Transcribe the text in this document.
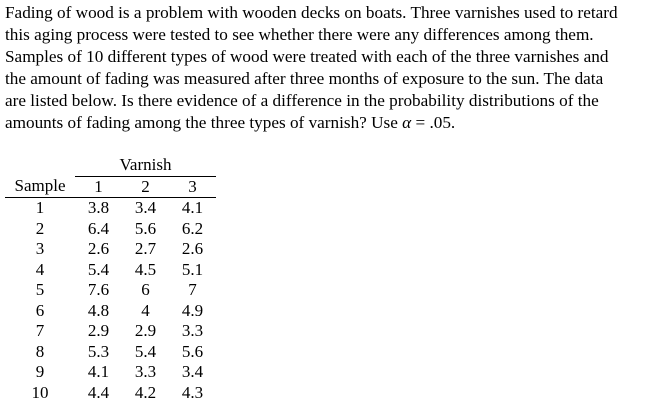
Fading of wood is a problem with wooden decks on boats. Three varnishes used to retard
this aging process were tested to see whether there were any differences among them.
Samples of 10 different types of wood were treated with each of the three varnishes and
the amount of fading was measured after three months of exposure to the sun. The data
are listed below. Is there evidence of a difference in the probability distributions of the
amounts of fading among the three types of varnish? Use α = .05.

	Varnish		
Sample	1	2	3
1	3.8	3.4	4.1
2	6.4	5.6	6.2
3	2.6	2.7	2.6
4	5.4	4.5	5.1
5	7.6	6	7
6	4.8	4	4.9
7	2.9	2.9	3.3
8	5.3	5.4	5.6
9	4.1	3.3	3.4
10	4.4	4.2	4.3
